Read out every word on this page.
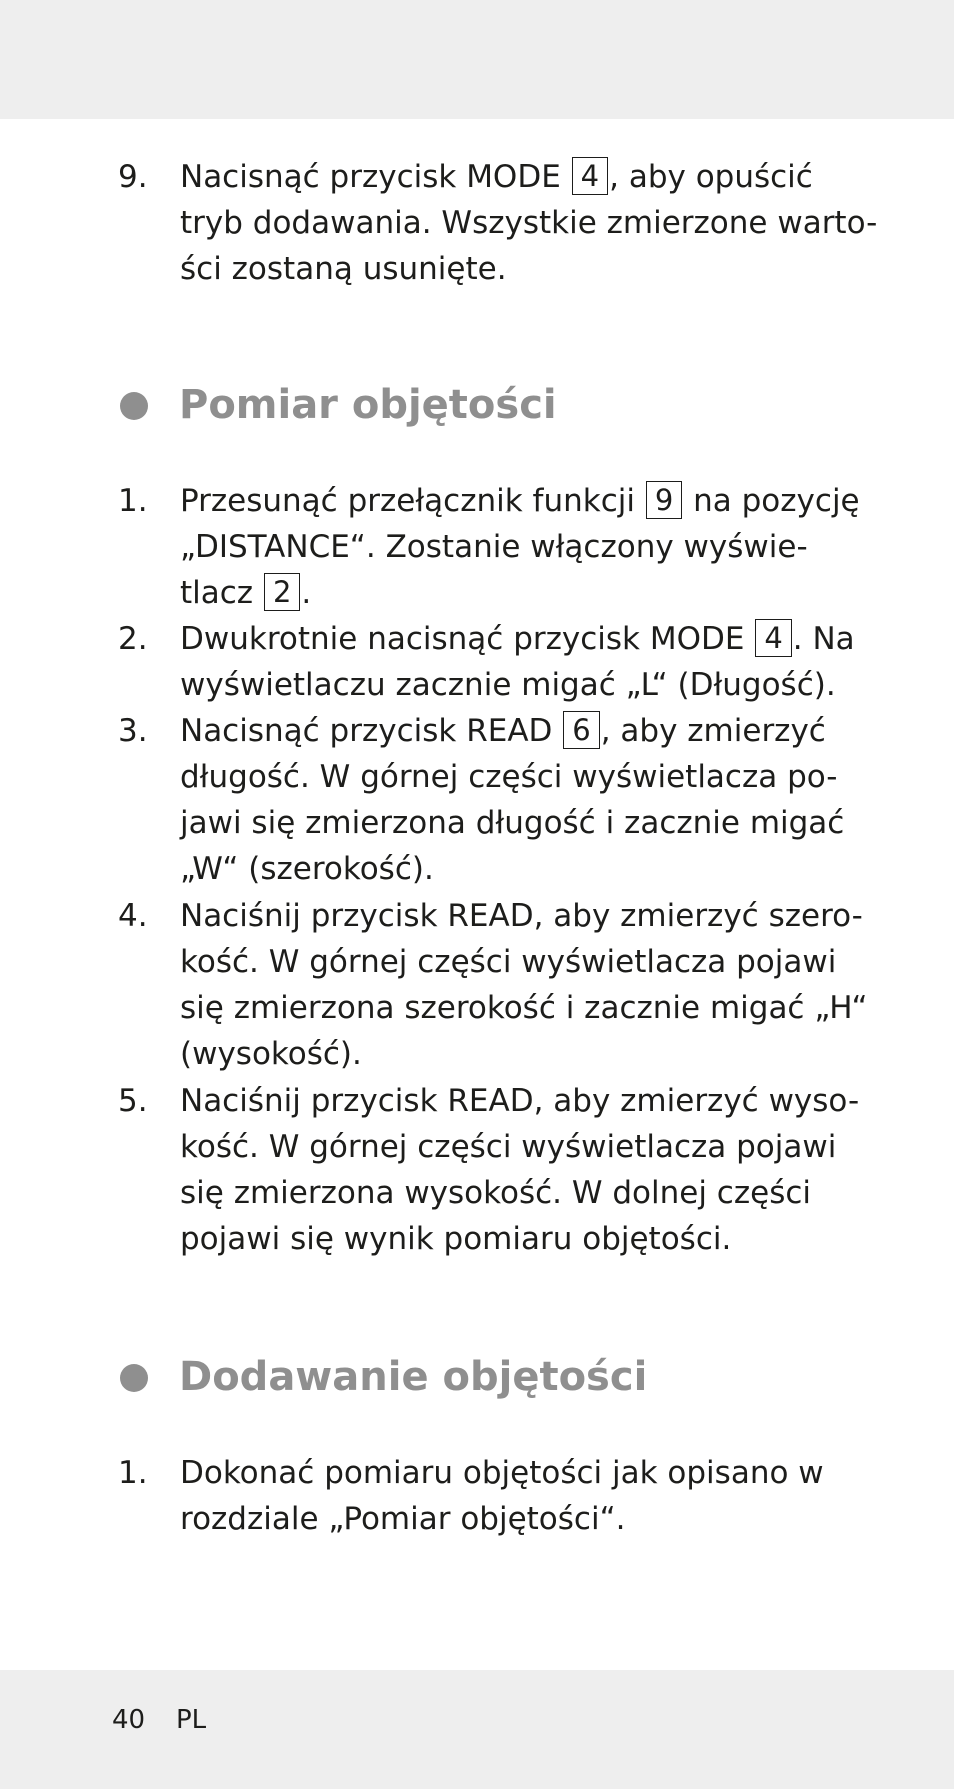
9.	Nacisnąć przycisk MODE 4 , aby opuścić
tryb dodawania. Wszystkie zmierzone warto-
ści zostaną usunięte.
Pomiar objętości
1.	Przesunąć przełącznik funkcji 9 na pozycję
„DISTANCE“. Zostanie włączony wyświe-
tlacz 2 .
2.	Dwukrotnie nacisnąć przycisk MODE 4 . Na
wyświetlaczu zacznie migać „L“ (Długość).
3.	Nacisnąć przycisk READ 6 , aby zmierzyć
długość. W górnej części wyświetlacza po-
jawi się zmierzona długość i zacznie migać
„W“ (szerokość).
4.	Naciśnij przycisk READ, aby zmierzyć szero-
kość. W górnej części wyświetlacza pojawi
się zmierzona szerokość i zacznie migać „H“
(wysokość).
5.	Naciśnij przycisk READ, aby zmierzyć wyso-
kość. W górnej części wyświetlacza pojawi
się zmierzona wysokość. W dolnej części
pojawi się wynik pomiaru objętości.
Dodawanie objętości
1.	Dokonać pomiaru objętości jak opisano w
rozdziale „Pomiar objętości“.
40 PL
